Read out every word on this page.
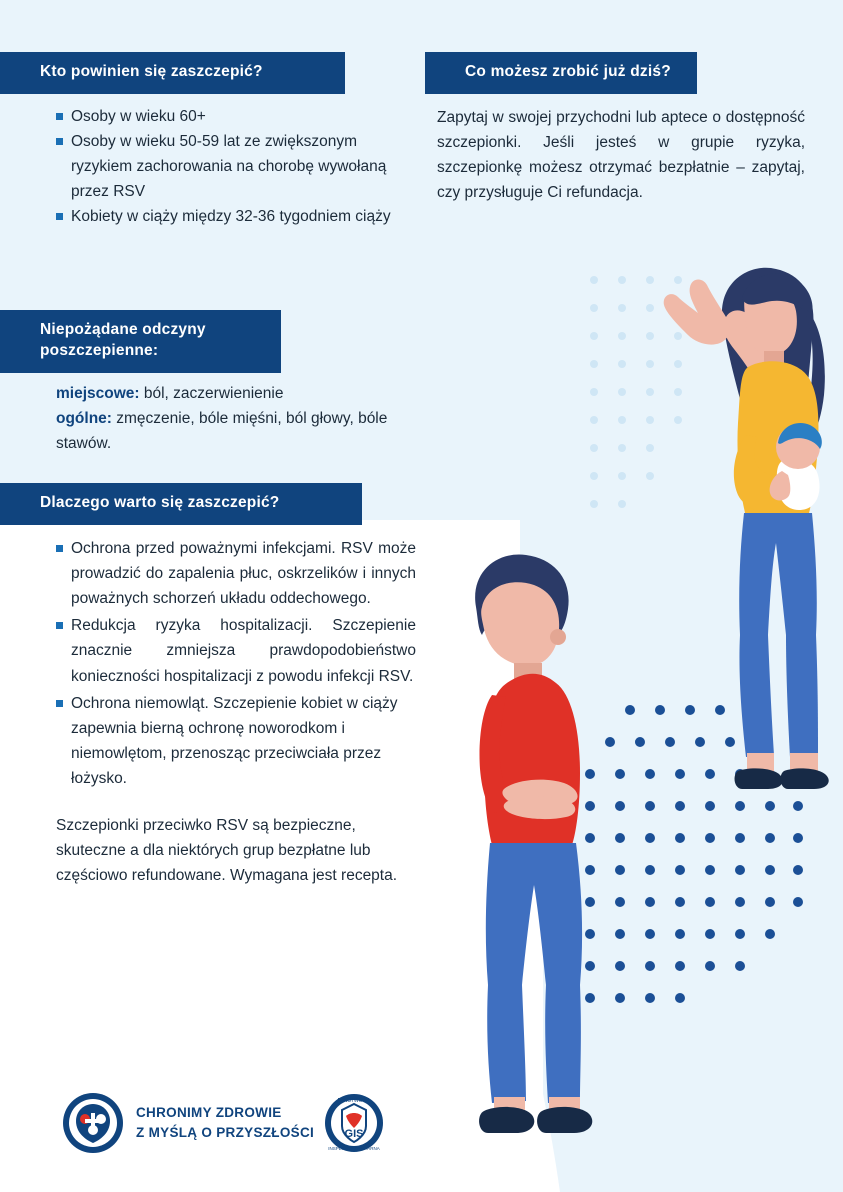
Kto powinien się zaszczepić?	Co możesz zrobić już dziś?
Niepożądane odczyny poszczepienne:
Dlaczego warto się zaszczepić?
Osoby w wieku 60+
Osoby w wieku 50-59 lat ze zwiększonym ryzykiem zachorowania na chorobę wywołaną przez RSV
Kobiety w ciąży między 32-36 tygodniem ciąży

miejscowe: ból, zaczerwienienie

ogólne: zmęczenie, bóle mięśni, ból głowy, bóle stawów.

Ochrona przed poważnymi infekcjami. RSV może prowadzić do zapalenia płuc, oskrzelików i innych poważnych schorzeń układu oddechowego.
Redukcja ryzyka hospitalizacji. Szczepienie znacznie zmniejsza prawdopodobieństwo konieczności hospitalizacji z powodu infekcji RSV.
Ochrona niemowląt. Szczepienie kobiet w ciąży zapewnia bierną ochronę noworodkom i niemowlętom, przenosząc przeciwciała przez łożysko.

Szczepionki przeciwko RSV są bezpieczne, skuteczne a dla niektórych grup bezpłatne lub częściowo refundowane. Wymagana jest recepta.

Zapytaj w swojej przychodni lub aptece o dostępność szczepionki. Jeśli jesteś w grupie ryzyka, szczepionkę możesz otrzymać bezpłatnie – zapytaj, czy przysługuje Ci refundacja.
CHRONIMY ZDROWIE
Z MYŚLĄ O PRZYSZŁOŚCI	GIS
PAŃSTWOWA
INSPEKCJA SANITARNA
